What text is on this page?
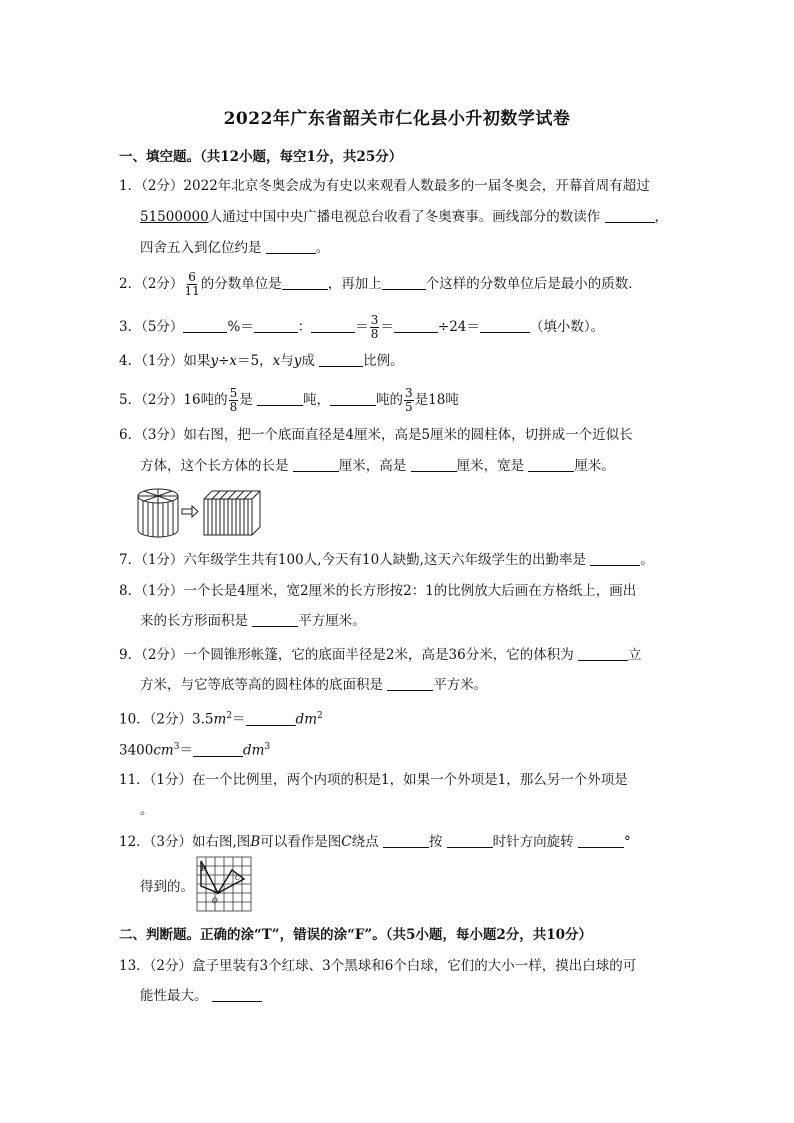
2022年广东省韶关市仁化县小升初数学试卷
一、填空题。（共12小题，每空1分，共25分）
1．（2分）2022年北京冬奥会成为有史以来观看人数最多的一届冬奥会，开幕首周有超过
51500000人通过中国中央广播电视总台收看了冬奥赛事。画线部分的数读作	，
四舍五入到亿位约是	。
2．（2分） $\frac{6}{11}$ 的分数单位是	，再加上	个这样的分数单位后是最小的质数．
3．（5分）	%＝	：	＝ $\frac{3}{8}$ ＝	÷24＝	（填小数）。
4．（1分）如果y÷x＝5，x与y成	比例。
5．（2分）16吨的 $\frac{5}{8}$ 是	吨，	吨的 $\frac{3}{5}$ 是18吨
6．（3分）如右图，把一个底面直径是4厘米，高是5厘米的圆柱体，切拼成一个近似长
方体，这个长方体的长是	厘米，高是	厘米，宽是	厘米。
7．（1分）六年级学生共有100人,今天有10人缺勤,这天六年级学生的出勤率是	。
8．（1分）一个长是4厘米，宽2厘米的长方形按2：1的比例放大后画在方格纸上，画出
来的长方形面积是	平方厘米。
9．（2分）一个圆锥形帐篷，它的底面半径是2米，高是36分米，它的体积为	立
方米，与它等底等高的圆柱体的底面积是	平方米。
10．（2分）$3.5m^2=$	$dm^2$
$3400cm^3=$	$dm^3$
11．（1分）在一个比例里，两个内项的积是1，如果一个外项是1，那么另一个外项是
。
12．（3分）如右图,图B可以看作是图C绕点	按	时针方向旋转	°
得到的。
B
C
O
二、判断题。正确的涂“T”，错误的涂“F”。（共5小题，每小题2分，共10分）
13．（2分）盒子里装有3个红球、3个黑球和6个白球，它们的大小一样，摸出白球的可
能性最大。
